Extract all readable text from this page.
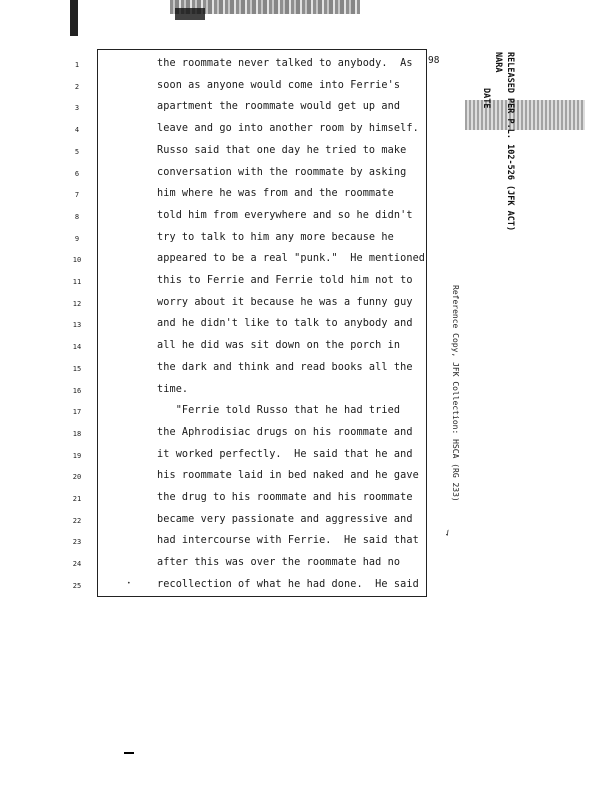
98
1
2
3
4
5
6
7
8
9
10
11
12
13
14
15
16
17
18
19
20
21
22
23
24
25
the roommate never talked to anybody.  As
soon as anyone would come into Ferrie's
apartment the roommate would get up and
leave and go into another room by himself.
Russo said that one day he tried to make
conversation with the roommate by asking
him where he was from and the roommate
told him from everywhere and so he didn't
try to talk to him any more because he
appeared to be a real "punk."  He mentioned
this to Ferrie and Ferrie told him not to
worry about it because he was a funny guy
and he didn't like to talk to anybody and
all he did was sit down on the porch in
the dark and think and read books all the
time.
"Ferrie told Russo that he had tried
the Aphrodisiac drugs on his roommate and
it worked perfectly.  He said that he and
his roommate laid in bed naked and he gave
the drug to his roommate and his roommate
became very passionate and aggressive and
had intercourse with Ferrie.  He said that
after this was over the roommate had no
recollection of what he had done.  He said
RELEASED PER P.L. 102-526 (JFK ACT)
NARA
DATE
Reference Copy, JFK Collection: HSCA (RG 233)
✓
•
